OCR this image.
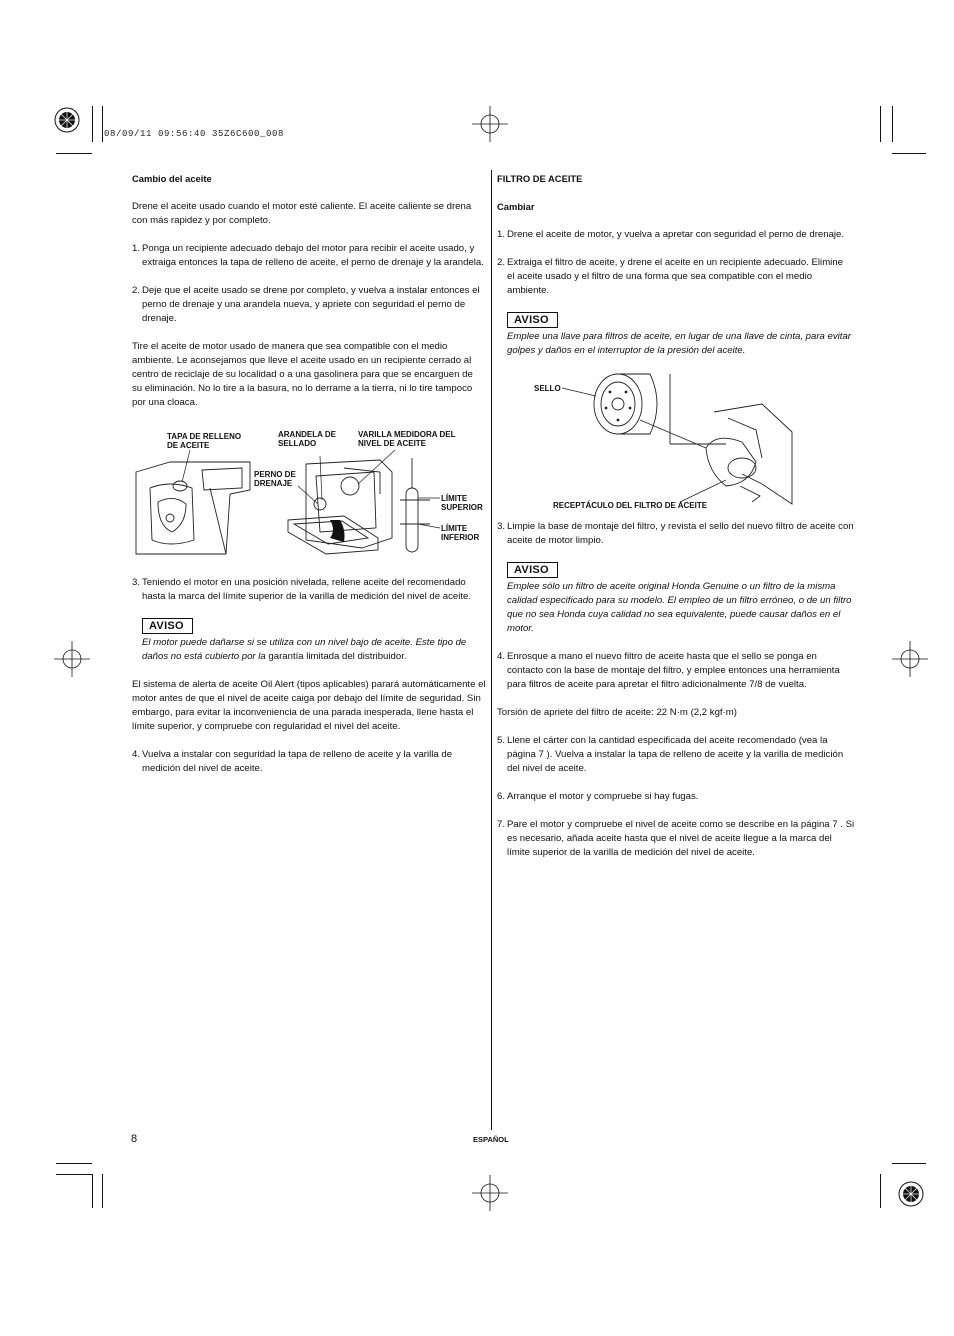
08/09/11 09:56:40 35Z6C600_008
Cambio del aceite

Drene el aceite usado cuando el motor esté caliente. El aceite caliente se drena con más rapidez y por completo.

1. Ponga un recipiente adecuado debajo del motor para recibir el aceite usado, y extraiga entonces la tapa de relleno de aceite, el perno de drenaje y la arandela.
2. Deje que el aceite usado se drene por completo, y vuelva a instalar entonces el perno de drenaje y una arandela nueva, y apriete con seguridad el perno de drenaje.

Tire el aceite de motor usado de manera que sea compatible con el medio ambiente. Le aconsejamos que lleve el aceite usado en un recipiente cerrado al centro de reciclaje de su localidad o a una gasolinera para que se encarguen de su eliminación. No lo tire a la basura, no lo derrame a la tierra, ni lo tire tampoco por una cloaca.

TAPA DE RELLENO
DE ACEITE
ARANDELA DE
SELLADO
VARILLA MEDIDORA DEL
NIVEL DE ACEITE
PERNO DE
DRENAJE
LÍMITE
SUPERIOR
LÍMITE
INFERIOR
3. Teniendo el motor en una posición nivelada, rellene aceite del recomendado hasta la marca del límite superior de la varilla de medición del nivel de aceite.
AVISO
El motor puede dañarse si se utiliza con un nivel bajo de aceite. Este tipo de daños no está cubierto por la garantía limitada del distribuidor.

El sistema de alerta de aceite Oil Alert (tipos aplicables) parará automáticamente el motor antes de que el nivel de aceite caiga por debajo del límite de seguridad. Sin embargo, para evitar la inconveniencia de una parada inesperada, llene hasta el límite superior, y compruebe con regularidad el nivel del aceite.

4. Vuelva a instalar con seguridad la tapa de relleno de aceite y la varilla de medición del nivel de aceite.
FILTRO DE ACEITE
Cambiar
1. Drene el aceite de motor, y vuelva a apretar con seguridad el perno de drenaje.
2. Extraiga el filtro de aceite, y drene el aceite en un recipiente adecuado. Elimine el aceite usado y el filtro de una forma que sea compatible con el medio ambiente.
AVISO
Emplee una llave para filtros de aceite, en lugar de una llave de cinta, para evitar golpes y daños en el interruptor de la presión del aceite.
SELLO
RECEPTÁCULO DEL FILTRO DE ACEITE
3. Limpie la base de montaje del filtro, y revista el sello del nuevo filtro de aceite con aceite de motor limpio.
AVISO
Emplee sólo un filtro de aceite original Honda Genuine o un filtro de la misma calidad especificado para su modelo. El empleo de un filtro erróneo, o de un filtro que no sea Honda cuya calidad no sea equivalente, puede causar daños en el motor.
4. Enrosque a mano el nuevo filtro de aceite hasta que el sello se ponga en contacto con la base de montaje del filtro, y emplee entonces una herramienta para filtros de aceite para apretar el filtro adicionalmente 7/8 de vuelta.

Torsión de apriete del filtro de aceite: 22 N·m (2,2 kgf·m)

5. Llene el cárter con la cantidad especificada del aceite recomendado (vea la página 7 ). Vuelva a instalar la tapa de relleno de aceite y la varilla de medición del nivel de aceite.
6. Arranque el motor y compruebe si hay fugas.
7. Pare el motor y compruebe el nivel de aceite como se describe en la página 7 . Si es necesario, añada aceite hasta que el nivel de aceite llegue a la marca del límite superior de la varilla de medición del nivel de aceite.
8	ESPAÑOL
